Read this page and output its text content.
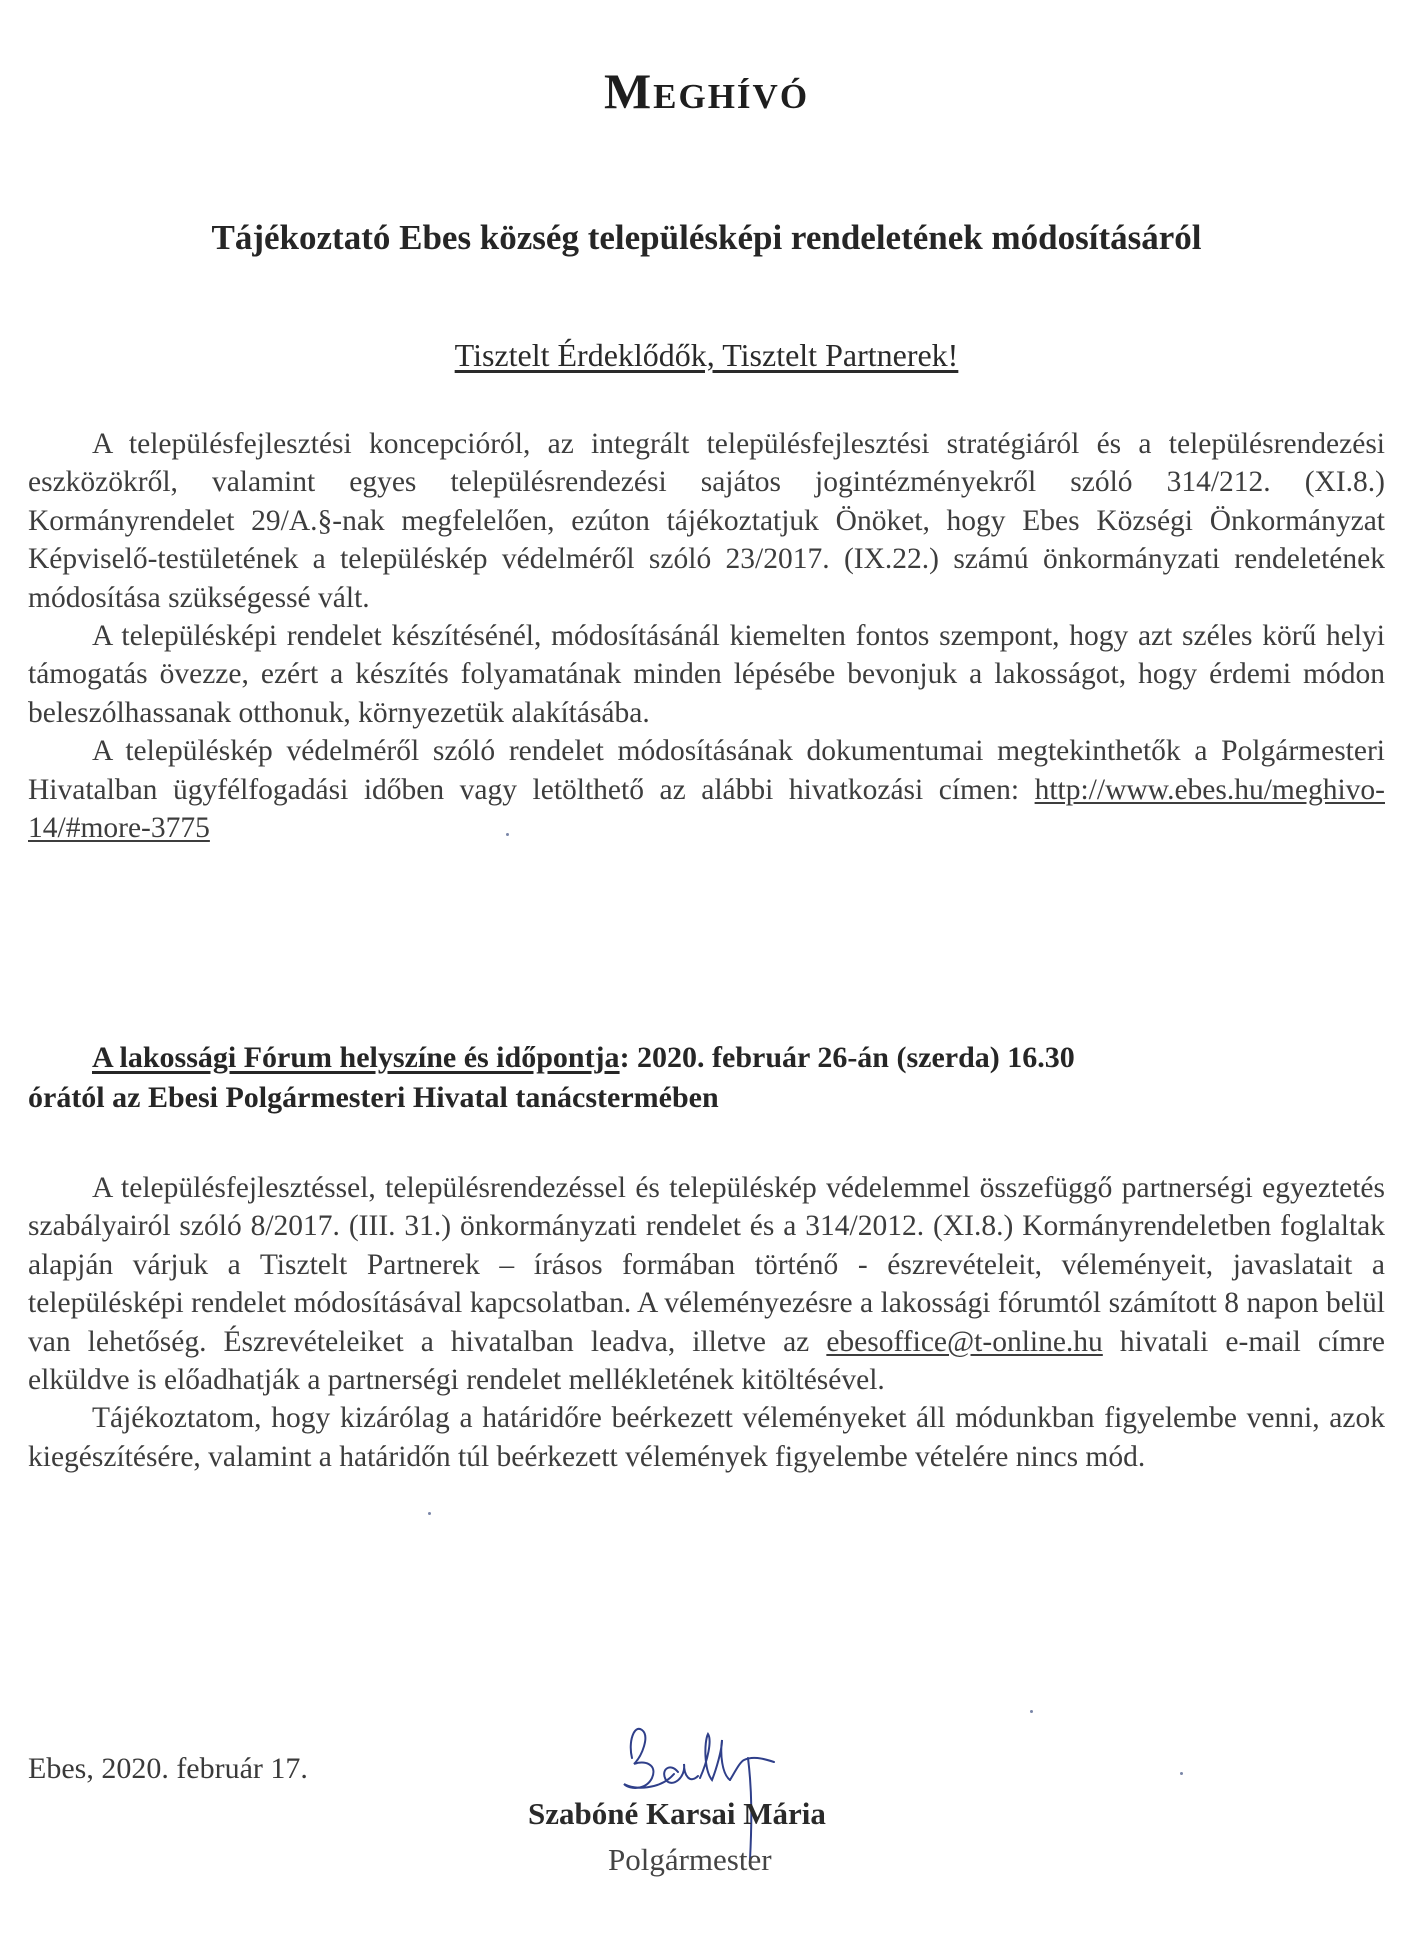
Meghívó
Tájékoztató Ebes község településképi rendeletének módosításáról
Tisztelt Érdeklődők, Tisztelt Partnerek!

A településfejlesztési koncepcióról, az integrált településfejlesztési stratégiáról és a településrendezési eszközökről, valamint egyes településrendezési sajátos jogintézményekről szóló 314/212. (XI.8.) Kormányrendelet 29/A.§-nak megfelelően, ezúton tájékoztatjuk Önöket, hogy Ebes Községi Önkormányzat Képviselő-testületének a településkép védelméről szóló 23/2017. (IX.22.) számú önkormányzati rendeletének módosítása szükségessé vált.

A településképi rendelet készítésénél, módosításánál kiemelten fontos szempont, hogy azt széles körű helyi támogatás övezze, ezért a készítés folyamatának minden lépésébe bevonjuk a lakosságot, hogy érdemi módon beleszólhassanak otthonuk, környezetük alakításába.

A településkép védelméről szóló rendelet módosításának dokumentumai megtekinthetők a Polgármesteri Hivatalban ügyfélfogadási időben vagy letölthető az alábbi hivatkozási címen: http://www.ebes.hu/meghivo-14/#more-3775

A lakossági Fórum helyszíne és időpontja: 2020. február 26-án (szerda) 16.30
órától az Ebesi Polgármesteri Hivatal tanácstermében

A településfejlesztéssel, településrendezéssel és településkép védelemmel összefüggő partnerségi egyeztetés szabályairól szóló 8/2017. (III. 31.) önkormányzati rendelet és a 314/2012. (XI.8.) Kormányrendeletben foglaltak alapján várjuk a Tisztelt Partnerek – írásos formában történő - észrevételeit, véleményeit, javaslatait a településképi rendelet módosításával kapcsolatban. A véleményezésre a lakossági fórumtól számított 8 napon belül van lehetőség. Észrevételeiket a hivatalban leadva, illetve az ebesoffice@t-online.hu hivatali e-mail címre elküldve is előadhatják a partnerségi rendelet mellékletének kitöltésével.

Tájékoztatom, hogy kizárólag a határidőre beérkezett véleményeket áll módunkban figyelembe venni, azok kiegészítésére, valamint a határidőn túl beérkezett vélemények figyelembe vételére nincs mód.

Ebes, 2020. február 17.
Szabóné Karsai Mária
Polgármester
